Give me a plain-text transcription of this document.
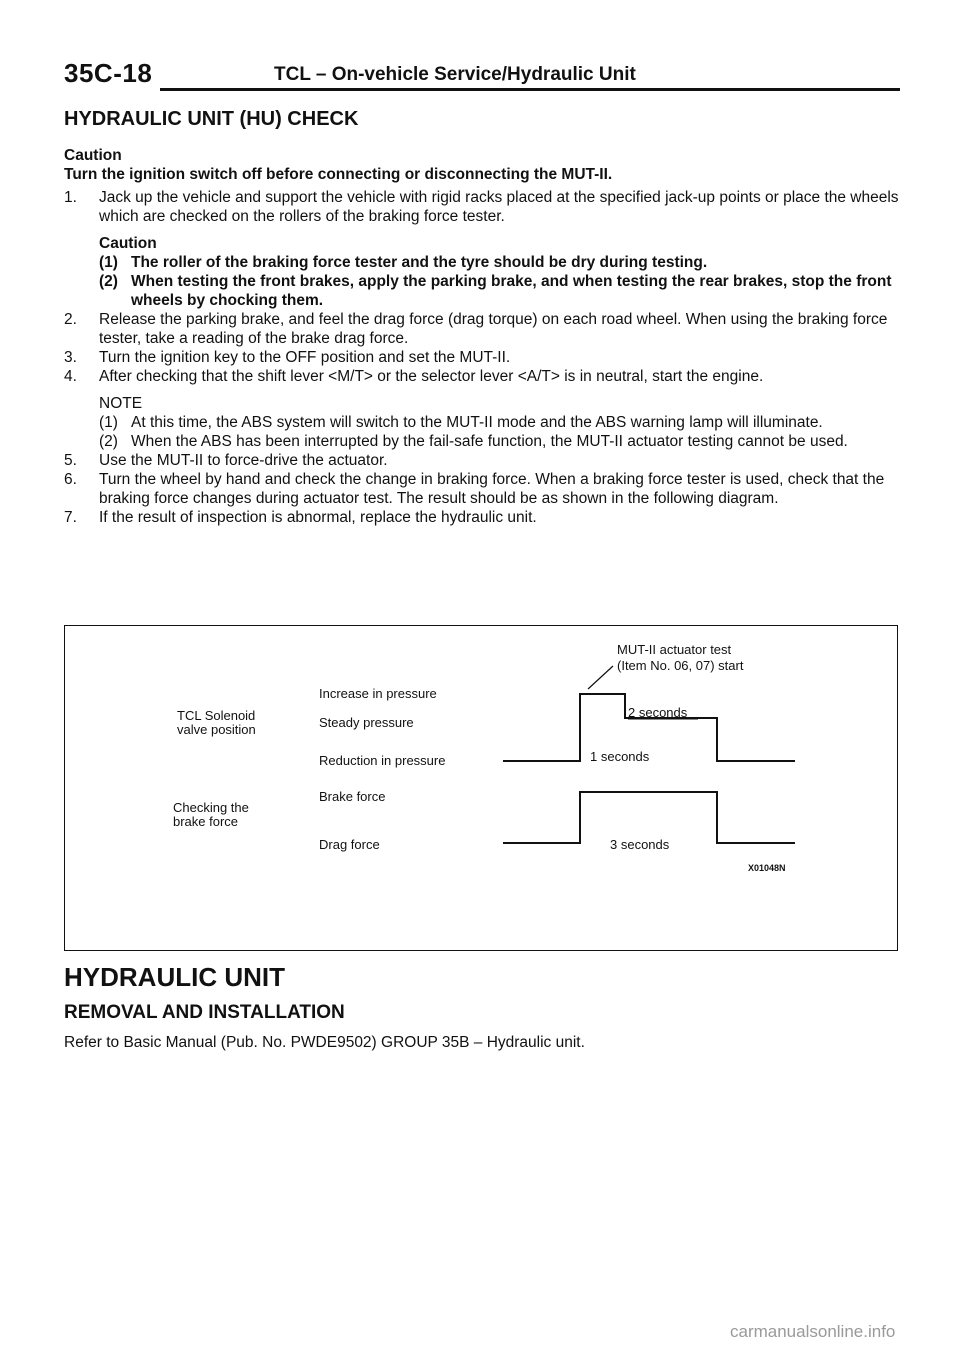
35C-18	TCL – On-vehicle Service/Hydraulic Unit
HYDRAULIC UNIT (HU) CHECK

Caution

Turn the ignition switch off before connecting or disconnecting the MUT-II.

1. Jack up the vehicle and support the vehicle with rigid racks placed at the specified jack-up points or place the wheels which are checked on the rollers of the braking force tester.
Caution
(1) The roller of the braking force tester and the tyre should be dry during testing.
(2) When testing the front brakes, apply the parking brake, and when testing the rear brakes, stop the front wheels by chocking them.
2. Release the parking brake, and feel the drag force (drag torque) on each road wheel. When using the braking force tester, take a reading of the brake drag force.
3. Turn the ignition key to the OFF position and set the MUT-II.
4. After checking that the shift lever <M/T> or the selector lever <A/T> is in neutral, start the engine.
NOTE
(1) At this time, the ABS system will switch to the MUT-II mode and the ABS warning lamp will illuminate.
(2) When the ABS has been interrupted by the fail-safe function, the MUT-II actuator testing cannot be used.
5. Use the MUT-II to force-drive the actuator.
6. Turn the wheel by hand and check the change in braking force. When a braking force tester is used, check that the braking force changes during actuator test. The result should be as shown in the following diagram.
7. If the result of inspection is abnormal, replace the hydraulic unit.
MUT-II actuator test
(Item No. 06, 07) start
TCL Solenoid
valve position
Checking the
brake force
Increase in pressure
Steady pressure
Reduction in pressure
Brake force
Drag force
2 seconds
1 seconds
3 seconds
X01048N
HYDRAULIC UNIT
REMOVAL AND INSTALLATION
Refer to Basic Manual (Pub. No. PWDE9502) GROUP 35B – Hydraulic unit.
carmanualsonline.info
